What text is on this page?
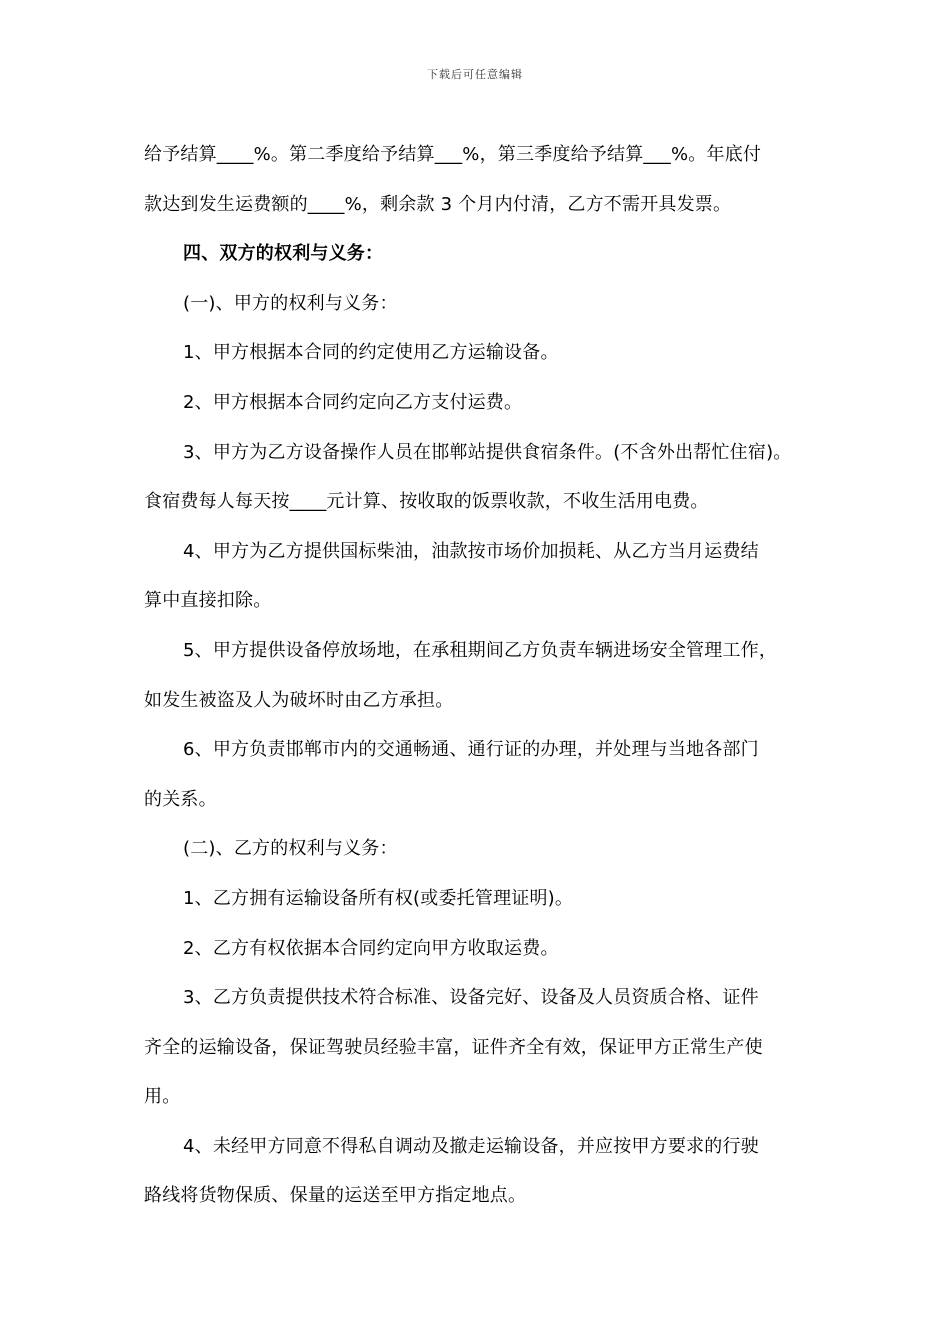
下载后可任意编辑

给予结算____%。第二季度给予结算___%，第三季度给予结算___%。年底付

款达到发生运费额的____%，剩余款 3 个月内付清，乙方不需开具发票。

四、双方的权利与义务：

(一)、甲方的权利与义务：

1、甲方根据本合同的约定使用乙方运输设备。

2、甲方根据本合同约定向乙方支付运费。

3、甲方为乙方设备操作人员在邯郸站提供食宿条件。(不含外出帮忙住宿)。

食宿费每人每天按____元计算、按收取的饭票收款，不收生活用电费。

4、甲方为乙方提供国标柴油，油款按市场价加损耗、从乙方当月运费结

算中直接扣除。

5、甲方提供设备停放场地，在承租期间乙方负责车辆进场安全管理工作，

如发生被盗及人为破坏时由乙方承担。

6、甲方负责邯郸市内的交通畅通、通行证的办理，并处理与当地各部门

的关系。

(二)、乙方的权利与义务：

1、乙方拥有运输设备所有权(或委托管理证明)。

2、乙方有权依据本合同约定向甲方收取运费。

3、乙方负责提供技术符合标准、设备完好、设备及人员资质合格、证件

齐全的运输设备，保证驾驶员经验丰富，证件齐全有效，保证甲方正常生产使

用。

4、未经甲方同意不得私自调动及撤走运输设备，并应按甲方要求的行驶

路线将货物保质、保量的运送至甲方指定地点。
